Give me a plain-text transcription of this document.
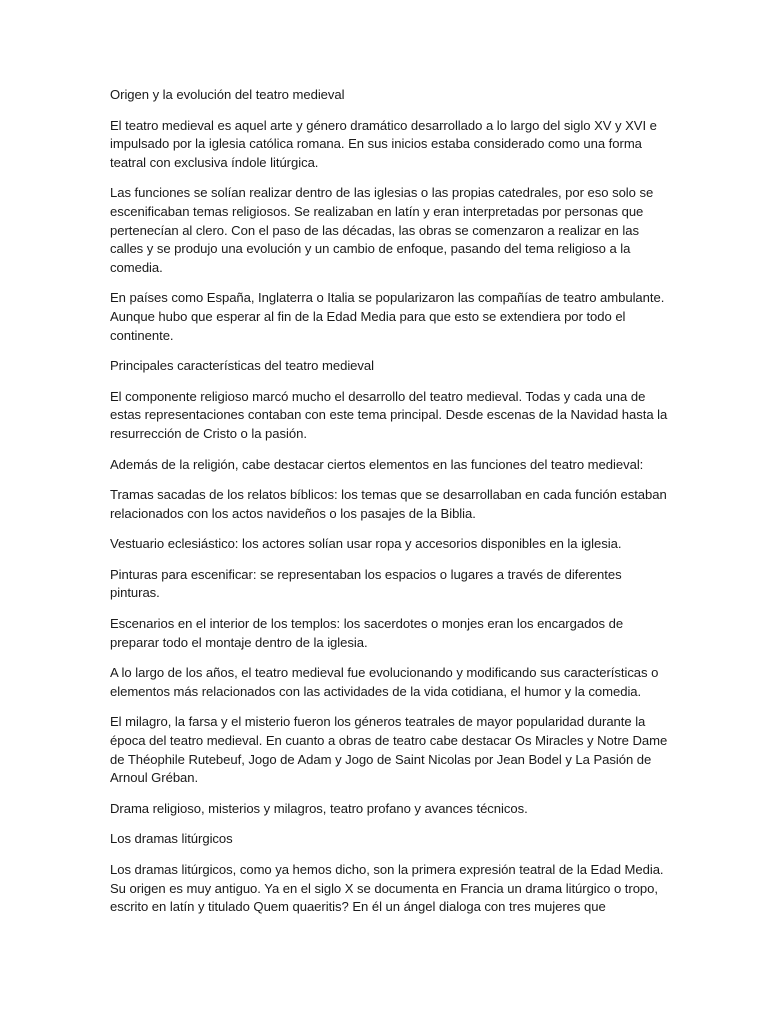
Origen y la evolución del teatro medieval

El teatro medieval es aquel arte y género dramático desarrollado a lo largo del siglo XV y XVI e impulsado por la iglesia católica romana. En sus inicios estaba considerado como una forma teatral con exclusiva índole litúrgica.

Las funciones se solían realizar dentro de las iglesias o las propias catedrales, por eso solo se escenificaban temas religiosos. Se realizaban en latín y eran interpretadas por personas que pertenecían al clero. Con el paso de las décadas, las obras se comenzaron a realizar en las calles y se produjo una evolución y un cambio de enfoque, pasando del tema religioso a la comedia.

En países como España, Inglaterra o Italia se popularizaron las compañías de teatro ambulante. Aunque hubo que esperar al fin de la Edad Media para que esto se extendiera por todo el continente.

Principales características del teatro medieval

El componente religioso marcó mucho el desarrollo del teatro medieval. Todas y cada una de estas representaciones contaban con este tema principal. Desde escenas de la Navidad hasta la resurrección de Cristo o la pasión.

Además de la religión, cabe destacar ciertos elementos en las funciones del teatro medieval:

Tramas sacadas de los relatos bíblicos: los temas que se desarrollaban en cada función estaban relacionados con los actos navideños o los pasajes de la Biblia.

Vestuario eclesiástico: los actores solían usar ropa y accesorios disponibles en la iglesia.

Pinturas para escenificar: se representaban los espacios o lugares a través de diferentes pinturas.

Escenarios en el interior de los templos: los sacerdotes o monjes eran los encargados de preparar todo el montaje dentro de la iglesia.

A lo largo de los años, el teatro medieval fue evolucionando y modificando sus características o elementos más relacionados con las actividades de la vida cotidiana, el humor y la comedia.

El milagro, la farsa y el misterio fueron los géneros teatrales de mayor popularidad durante la época del teatro medieval. En cuanto a obras de teatro cabe destacar Os Miracles y Notre Dame de Théophile Rutebeuf, Jogo de Adam y Jogo de Saint Nicolas por Jean Bodel y La Pasión de Arnoul Gréban.

Drama religioso, misterios y milagros, teatro profano y avances técnicos.

Los dramas litúrgicos

Los dramas litúrgicos, como ya hemos dicho, son la primera expresión teatral de la Edad Media. Su origen es muy antiguo. Ya en el siglo X se documenta en Francia un drama litúrgico o tropo, escrito en latín y titulado Quem quaeritis? En él un ángel dialoga con tres mujeres que
